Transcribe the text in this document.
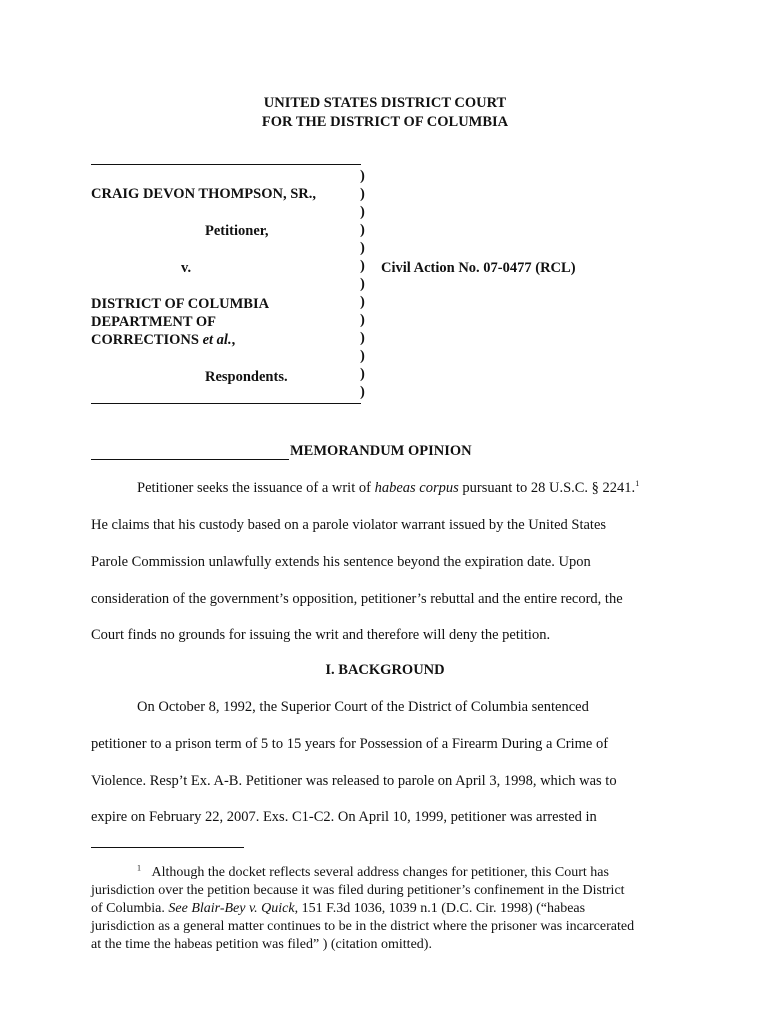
UNITED STATES DISTRICT COURT
FOR THE DISTRICT OF COLUMBIA
CRAIG DEVON THOMPSON, SR.,
Petitioner,
v.
DISTRICT OF COLUMBIA
DEPARTMENT OF
CORRECTIONS et al.,
Respondents.
)
)
)
)
)
)
)
)
)
)
)
)
)
Civil Action No. 07-0477 (RCL)
MEMORANDUM OPINION
Petitioner seeks the issuance of a writ of habeas corpus pursuant to 28 U.S.C. § 2241.$^1$
He claims that his custody based on a parole violator warrant issued by the United States
Parole Commission unlawfully extends his sentence beyond the expiration date. Upon
consideration of the government’s opposition, petitioner’s rebuttal and the entire record, the
Court finds no grounds for issuing the writ and therefore will deny the petition.
I. BACKGROUND
On October 8, 1992, the Superior Court of the District of Columbia sentenced
petitioner to a prison term of 5 to 15 years for Possession of a Firearm During a Crime of
Violence. Resp’t Ex. A-B. Petitioner was released to parole on April 3, 1998, which was to
expire on February 22, 2007. Exs. C1-C2. On April 10, 1999, petitioner was arrested in
$^1$ Although the docket reflects several address changes for petitioner, this Court has
jurisdiction over the petition because it was filed during petitioner’s confinement in the District
of Columbia. See Blair-Bey v. Quick, 151 F.3d 1036, 1039 n.1 (D.C. Cir. 1998) (“habeas
jurisdiction as a general matter continues to be in the district where the prisoner was incarcerated
at the time the habeas petition was filed” ) (citation omitted).
